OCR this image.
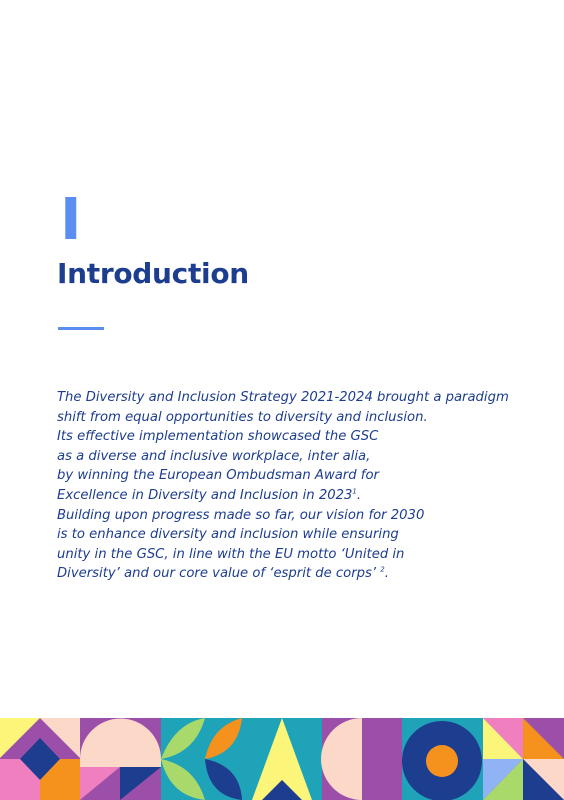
I
Introduction

The Diversity and Inclusion Strategy 2021-2024 brought a paradigm
shift from equal opportunities to diversity and inclusion.
Its effective implementation showcased the GSC
as a diverse and inclusive workplace, inter alia,
by winning the European Ombudsman Award for
Excellence in Diversity and Inclusion in 2023$^1$.
Building upon progress made so far, our vision for 2030
is to enhance diversity and inclusion while ensuring
unity in the GSC, in line with the EU motto ‘United in
Diversity’ and our core value of ‘esprit de corps’ $^2$.
